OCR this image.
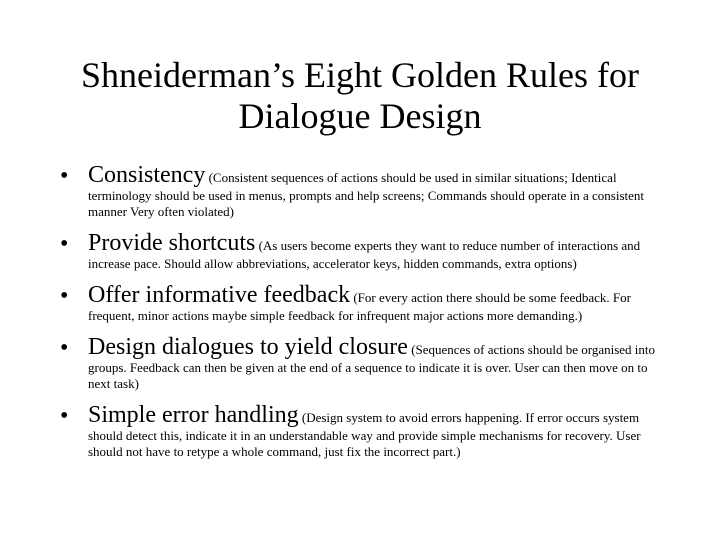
Shneiderman’s Eight Golden Rules for Dialogue Design
• Consistency (Consistent sequences of actions should be used in similar situations; Identical terminology should be used in menus, prompts and help screens; Commands should operate in a consistent manner Very often violated)
• Provide shortcuts (As users become experts they want to reduce number of interactions and increase pace. Should allow abbreviations, accelerator keys, hidden commands, extra options)
• Offer informative feedback (For every action there should be some feedback. For frequent, minor actions maybe simple feedback for infrequent major actions more demanding.)
• Design dialogues to yield closure (Sequences of actions should be organised into groups. Feedback can then be given at the end of a sequence to indicate it is over. User can then move on to next task)
• Simple error handling (Design system to avoid errors happening. If error occurs system should detect this, indicate it in an understandable way and provide simple mechanisms for recovery. User should not have to retype a whole command, just fix the incorrect part.)
